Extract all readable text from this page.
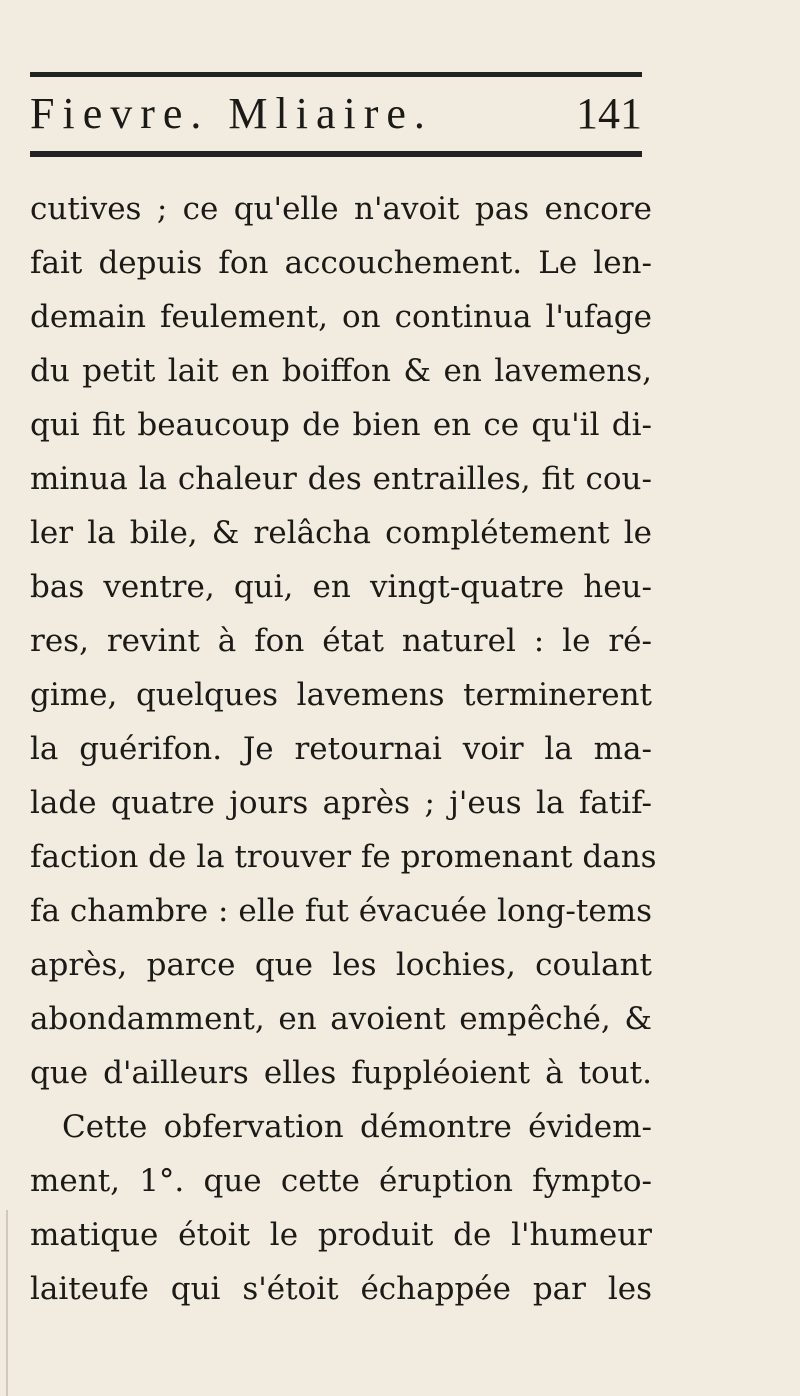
Fievre. Mliaire.	141
cutives ; ce qu'elle n'avoit pas encore
fait depuis fon accouchement. Le len-
demain feulement, on continua l'ufage
du petit lait en boiffon & en lavemens,
qui fit beaucoup de bien en ce qu'il di-
minua la chaleur des entrailles, fit cou-
ler la bile, & relâcha complétement le
bas ventre, qui, en vingt-quatre heu-
res, revint à fon état naturel : le ré-
gime, quelques lavemens terminerent
la guérifon. Je retournai voir la ma-
lade quatre jours après ; j'eus la fatif-
faction de la trouver fe promenant dans
fa chambre : elle fut évacuée long-tems
après, parce que les lochies, coulant
abondamment, en avoient empêché, &
que d'ailleurs elles fuppléoient à tout.
Cette obfervation démontre évidem-
ment, 1°. que cette éruption fympto-
matique étoit le produit de l'humeur
laiteufe qui s'étoit échappée par les
